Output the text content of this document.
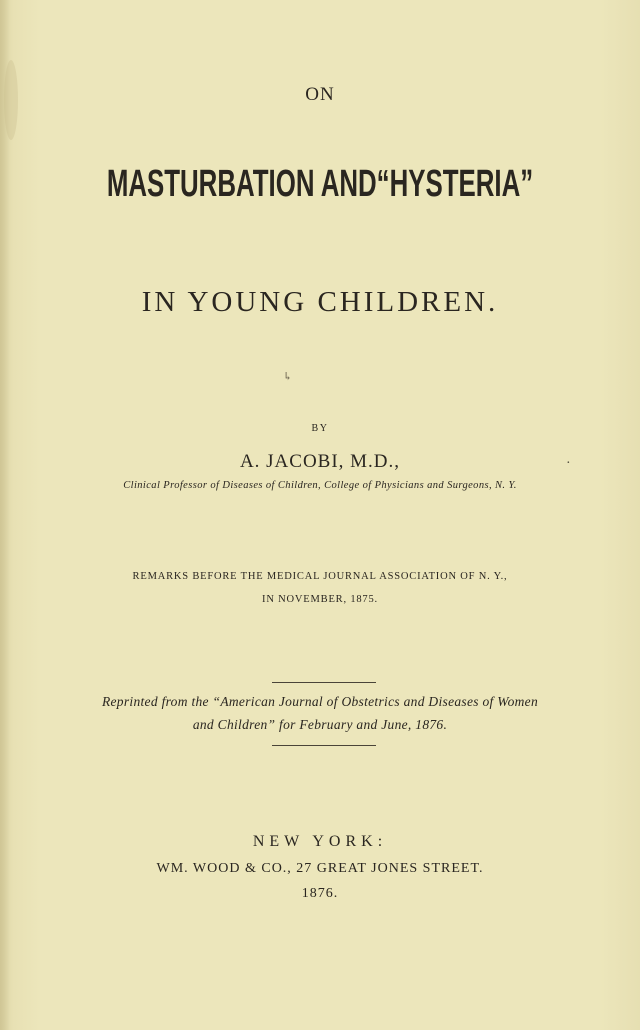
ON
MASTURBATION AND“HYSTERIA”
IN YOUNG CHILDREN.
↳
BY
A. JACOBI, M.D.,	·
Clinical Professor of Diseases of Children, College of Physicians and Surgeons, N. Y.
REMARKS BEFORE THE MEDICAL JOURNAL ASSOCIATION OF N. Y.,
IN NOVEMBER, 1875.
Reprinted from the “American Journal of Obstetrics and Diseases of Women
and Children” for February and June, 1876.
NEW YORK:
WM. WOOD & CO., 27 GREAT JONES STREET.
1876.
